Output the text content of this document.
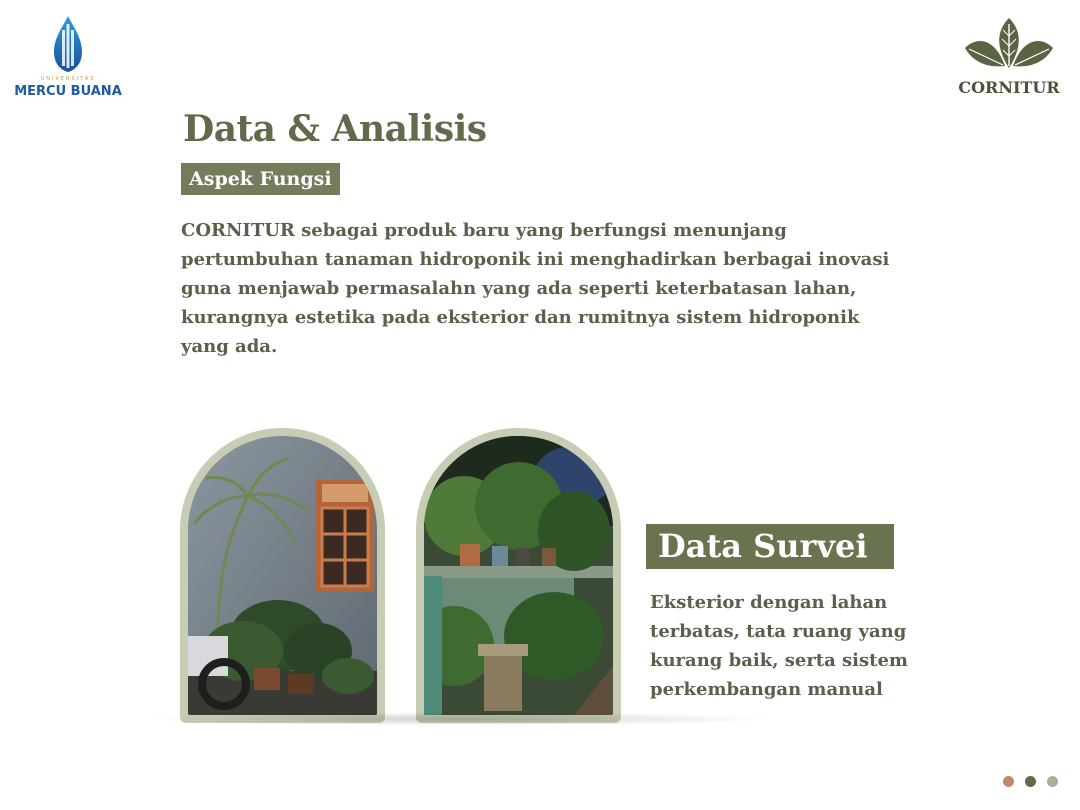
UNIVERSITAS
MERCU BUANA	CORNITUR
Data & Analisis
Aspek Fungsi
CORNITUR sebagai produk baru yang berfungsi menunjang pertumbuhan tanaman hidroponik ini menghadirkan berbagai inovasi guna menjawab permasalahn yang ada seperti keterbatasan lahan, kurangnya estetika pada eksterior dan rumitnya sistem hidroponik yang ada.
Data Survei
Eksterior dengan lahan terbatas, tata ruang yang kurang baik, serta sistem perkembangan manual
